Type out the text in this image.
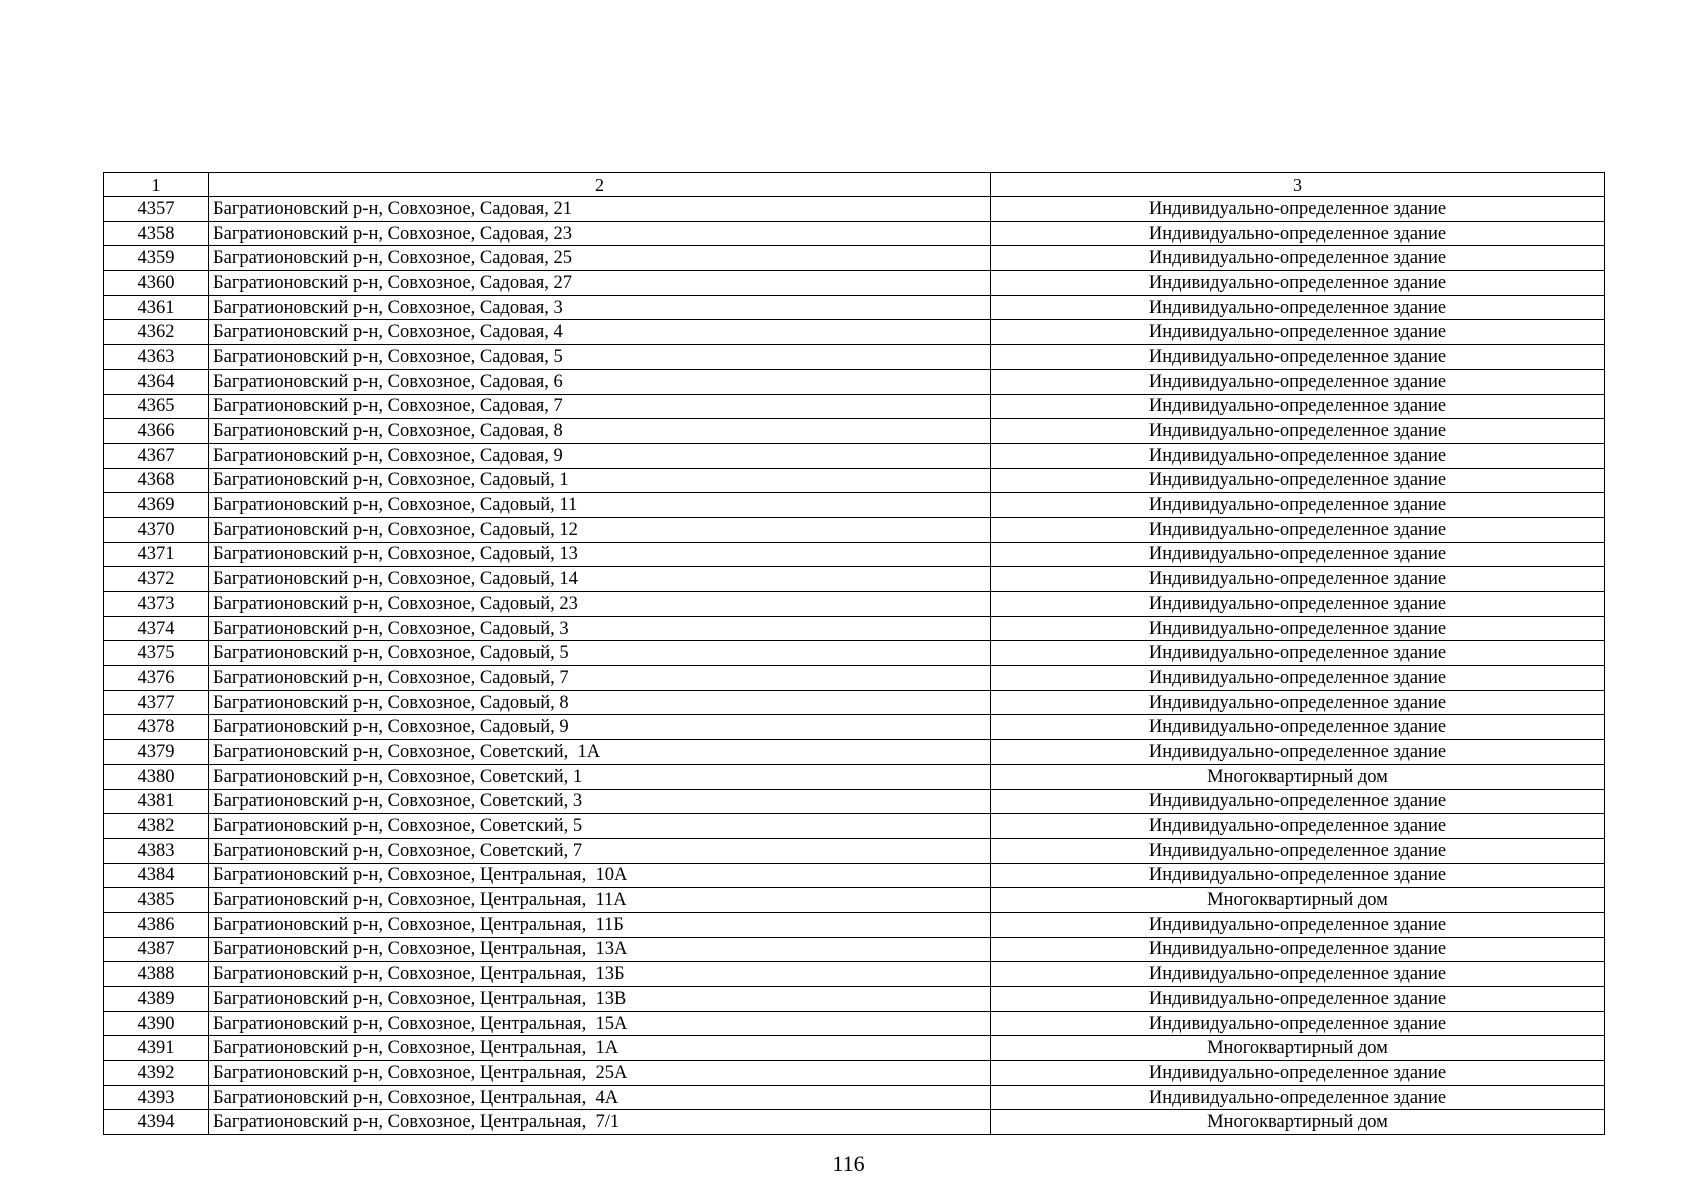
1	2	3
4357	Багратионовский р-н, Совхозное, Садовая, 21	Индивидуально-определенное здание
4358	Багратионовский р-н, Совхозное, Садовая, 23	Индивидуально-определенное здание
4359	Багратионовский р-н, Совхозное, Садовая, 25	Индивидуально-определенное здание
4360	Багратионовский р-н, Совхозное, Садовая, 27	Индивидуально-определенное здание
4361	Багратионовский р-н, Совхозное, Садовая, 3	Индивидуально-определенное здание
4362	Багратионовский р-н, Совхозное, Садовая, 4	Индивидуально-определенное здание
4363	Багратионовский р-н, Совхозное, Садовая, 5	Индивидуально-определенное здание
4364	Багратионовский р-н, Совхозное, Садовая, 6	Индивидуально-определенное здание
4365	Багратионовский р-н, Совхозное, Садовая, 7	Индивидуально-определенное здание
4366	Багратионовский р-н, Совхозное, Садовая, 8	Индивидуально-определенное здание
4367	Багратионовский р-н, Совхозное, Садовая, 9	Индивидуально-определенное здание
4368	Багратионовский р-н, Совхозное, Садовый, 1	Индивидуально-определенное здание
4369	Багратионовский р-н, Совхозное, Садовый, 11	Индивидуально-определенное здание
4370	Багратионовский р-н, Совхозное, Садовый, 12	Индивидуально-определенное здание
4371	Багратионовский р-н, Совхозное, Садовый, 13	Индивидуально-определенное здание
4372	Багратионовский р-н, Совхозное, Садовый, 14	Индивидуально-определенное здание
4373	Багратионовский р-н, Совхозное, Садовый, 23	Индивидуально-определенное здание
4374	Багратионовский р-н, Совхозное, Садовый, 3	Индивидуально-определенное здание
4375	Багратионовский р-н, Совхозное, Садовый, 5	Индивидуально-определенное здание
4376	Багратионовский р-н, Совхозное, Садовый, 7	Индивидуально-определенное здание
4377	Багратионовский р-н, Совхозное, Садовый, 8	Индивидуально-определенное здание
4378	Багратионовский р-н, Совхозное, Садовый, 9	Индивидуально-определенное здание
4379	Багратионовский р-н, Совхозное, Советский,  1А	Индивидуально-определенное здание
4380	Багратионовский р-н, Совхозное, Советский, 1	Многоквартирный дом
4381	Багратионовский р-н, Совхозное, Советский, 3	Индивидуально-определенное здание
4382	Багратионовский р-н, Совхозное, Советский, 5	Индивидуально-определенное здание
4383	Багратионовский р-н, Совхозное, Советский, 7	Индивидуально-определенное здание
4384	Багратионовский р-н, Совхозное, Центральная,  10А	Индивидуально-определенное здание
4385	Багратионовский р-н, Совхозное, Центральная,  11А	Многоквартирный дом
4386	Багратионовский р-н, Совхозное, Центральная,  11Б	Индивидуально-определенное здание
4387	Багратионовский р-н, Совхозное, Центральная,  13А	Индивидуально-определенное здание
4388	Багратионовский р-н, Совхозное, Центральная,  13Б	Индивидуально-определенное здание
4389	Багратионовский р-н, Совхозное, Центральная,  13В	Индивидуально-определенное здание
4390	Багратионовский р-н, Совхозное, Центральная,  15А	Индивидуально-определенное здание
4391	Багратионовский р-н, Совхозное, Центральная,  1А	Многоквартирный дом
4392	Багратионовский р-н, Совхозное, Центральная,  25А	Индивидуально-определенное здание
4393	Багратионовский р-н, Совхозное, Центральная,  4А	Индивидуально-определенное здание
4394	Багратионовский р-н, Совхозное, Центральная,  7/1	Многоквартирный дом
116
